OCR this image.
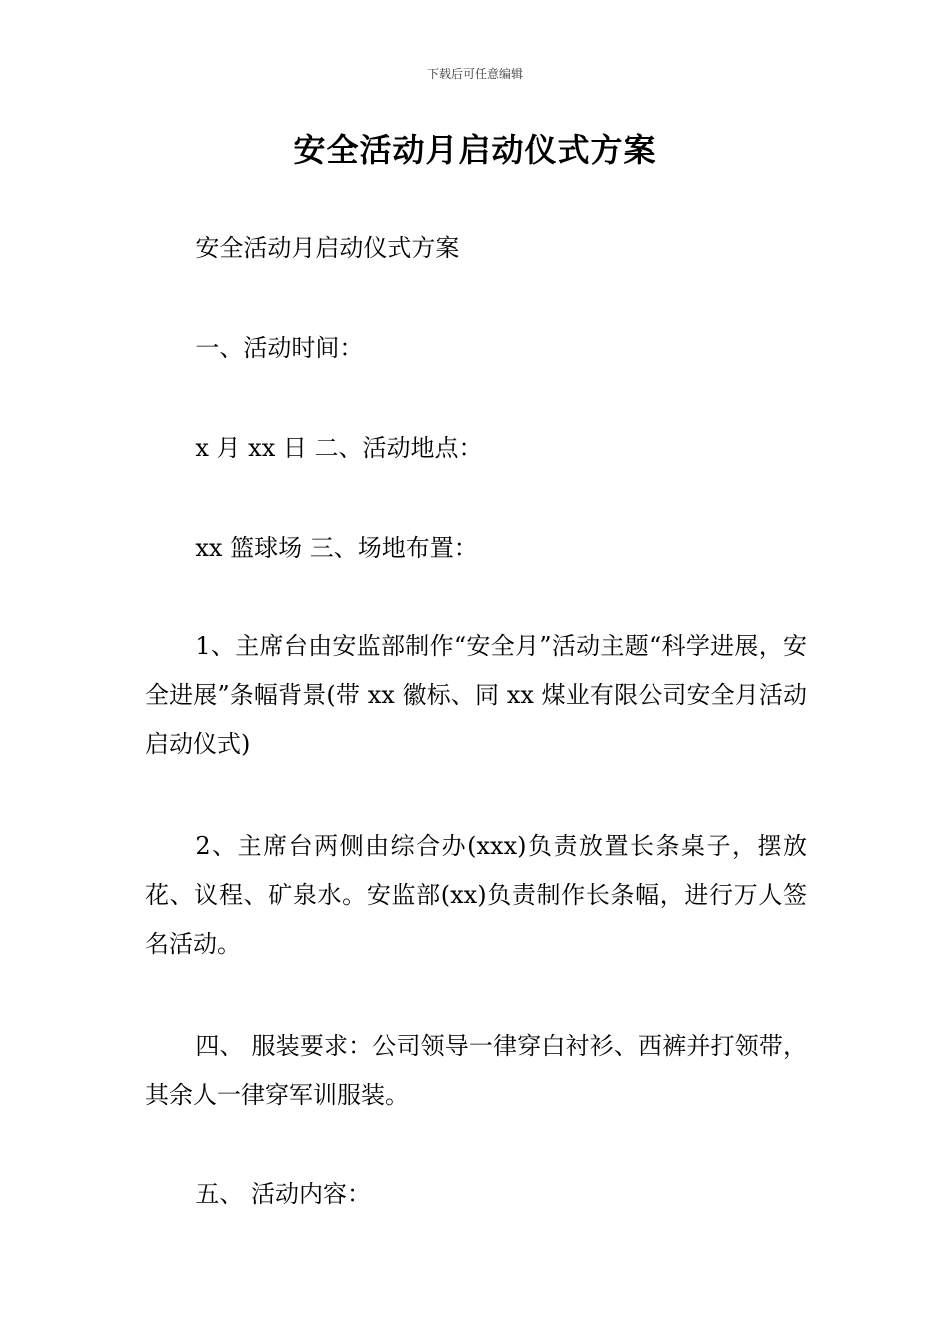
下载后可任意编辑
安全活动月启动仪式方案
安全活动月启动仪式方案
一、活动时间：
x 月 xx 日 二、活动地点：
xx 篮球场 三、场地布置：
1、主席台由安监部制作“安全月”活动主题“科学进展，安全进展”条幅背景(带 xx 徽标、同 xx 煤业有限公司安全月活动启动仪式)
2、主席台两侧由综合办(xxx)负责放置长条桌子，摆放花、议程、矿泉水。安监部(xx)负责制作长条幅，进行万人签名活动。
四、 服装要求：公司领导一律穿白衬衫、西裤并打领带，其余人一律穿军训服装。
五、 活动内容：
